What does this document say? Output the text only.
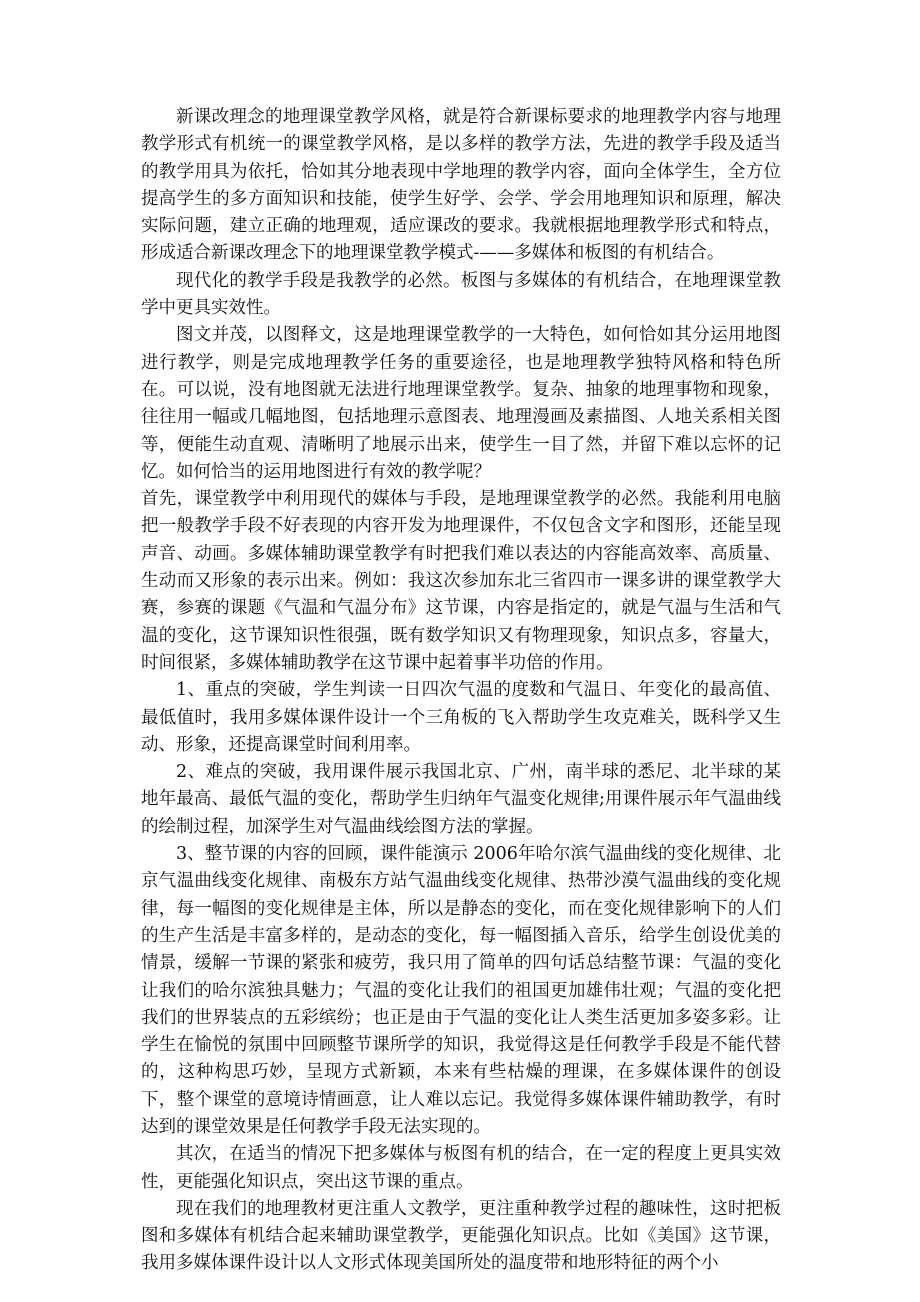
新课改理念的地理课堂教学风格，就是符合新课标要求的地理教学内容与地理教学形式有机统一的课堂教学风格，是以多样的教学方法，先进的教学手段及适当的教学用具为依托，恰如其分地表现中学地理的教学内容，面向全体学生，全方位提高学生的多方面知识和技能，使学生好学、会学、学会用地理知识和原理，解决实际问题，建立正确的地理观，适应课改的要求。我就根据地理教学形式和特点，形成适合新课改理念下的地理课堂教学模式-——多媒体和板图的有机结合。

现代化的教学手段是我教学的必然。板图与多媒体的有机结合，在地理课堂教学中更具实效性。

图文并茂，以图释文，这是地理课堂教学的一大特色，如何恰如其分运用地图进行教学，则是完成地理教学任务的重要途径，也是地理教学独特风格和特色所在。可以说，没有地图就无法进行地理课堂教学。复杂、抽象的地理事物和现象，往往用一幅或几幅地图，包括地理示意图表、地理漫画及素描图、人地关系相关图等，便能生动直观、清晰明了地展示出来，使学生一目了然，并留下难以忘怀的记忆。如何恰当的运用地图进行有效的教学呢？

首先，课堂教学中利用现代的媒体与手段，是地理课堂教学的必然。我能利用电脑把一般教学手段不好表现的内容开发为地理课件，不仅包含文字和图形，还能呈现声音、动画。多媒体辅助课堂教学有时把我们难以表达的内容能高效率、高质量、生动而又形象的表示出来。例如：我这次参加东北三省四市一课多讲的课堂教学大赛，参赛的课题《气温和气温分布》这节课，内容是指定的，就是气温与生活和气温的变化，这节课知识性很强，既有数学知识又有物理现象，知识点多，容量大，时间很紧，多媒体辅助教学在这节课中起着事半功倍的作用。

1、重点的突破，学生判读一日四次气温的度数和气温日、年变化的最高值、最低值时，我用多媒体课件设计一个三角板的飞入帮助学生攻克难关，既科学又生动、形象，还提高课堂时间利用率。

2、难点的突破，我用课件展示我国北京、广州，南半球的悉尼、北半球的某地年最高、最低气温的变化，帮助学生归纳年气温变化规律;用课件展示年气温曲线的绘制过程，加深学生对气温曲线绘图方法的掌握。

3、整节课的内容的回顾，课件能演示 2006年哈尔滨气温曲线的变化规律、北京气温曲线变化规律、南极东方站气温曲线变化规律、热带沙漠气温曲线的变化规律，每一幅图的变化规律是主体，所以是静态的变化，而在变化规律影响下的人们的生产生活是丰富多样的，是动态的变化，每一幅图插入音乐，给学生创设优美的情景，缓解一节课的紧张和疲劳，我只用了简单的四句话总结整节课：气温的变化让我们的哈尔滨独具魅力；气温的变化让我们的祖国更加雄伟壮观；气温的变化把我们的世界装点的五彩缤纷；也正是由于气温的变化让人类生活更加多姿多彩。让学生在愉悦的氛围中回顾整节课所学的知识，我觉得这是任何教学手段是不能代替的，这种构思巧妙，呈现方式新颖，本来有些枯燥的理课，在多媒体课件的创设下，整个课堂的意境诗情画意，让人难以忘记。我觉得多媒体课件辅助教学，有时达到的课堂效果是任何教学手段无法实现的。

其次，在适当的情况下把多媒体与板图有机的结合，在一定的程度上更具实效性，更能强化知识点，突出这节课的重点。

现在我们的地理教材更注重人文教学，更注重种教学过程的趣味性，这时把板图和多媒体有机结合起来辅助课堂教学，更能强化知识点。比如《美国》这节课，我用多媒体课件设计以人文形式体现美国所处的温度带和地形特征的两个小
